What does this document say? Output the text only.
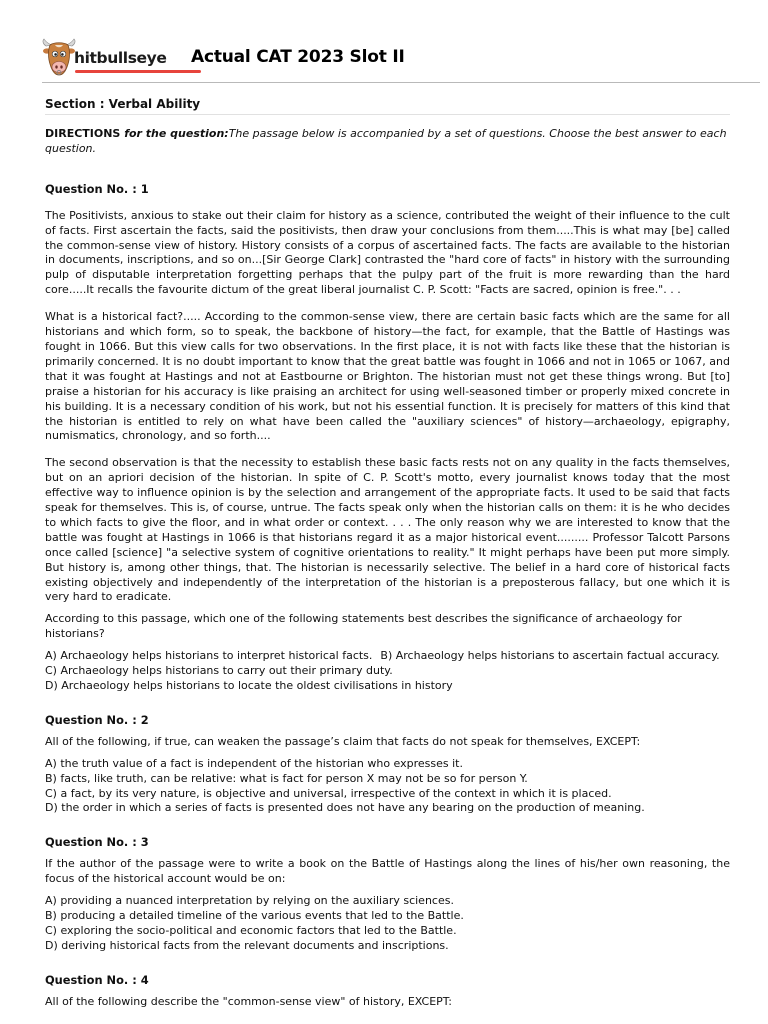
hitbullseye Actual CAT 2023 Slot II
Section : Verbal Ability
DIRECTIONS for the question:The passage below is accompanied by a set of questions. Choose the best answer to each question.
Question No. : 1

The Positivists, anxious to stake out their claim for history as a science, contributed the weight of their influence to the cult of facts. First ascertain the facts, said the positivists, then draw your conclusions from them.....This is what may [be] called the common-sense view of history. History consists of a corpus of ascertained facts. The facts are available to the historian in documents, inscriptions, and so on...[Sir George Clark] contrasted the "hard core of facts" in history with the surrounding pulp of disputable interpretation forgetting perhaps that the pulpy part of the fruit is more rewarding than the hard core.....It recalls the favourite dictum of the great liberal journalist C. P. Scott: "Facts are sacred, opinion is free.". . .

What is a historical fact?..... According to the common-sense view, there are certain basic facts which are the same for all historians and which form, so to speak, the backbone of history—the fact, for example, that the Battle of Hastings was fought in 1066. But this view calls for two observations. In the first place, it is not with facts like these that the historian is primarily concerned. It is no doubt important to know that the great battle was fought in 1066 and not in 1065 or 1067, and that it was fought at Hastings and not at Eastbourne or Brighton. The historian must not get these things wrong. But [to] praise a historian for his accuracy is like praising an architect for using well-seasoned timber or properly mixed concrete in his building. It is a necessary condition of his work, but not his essential function. It is precisely for matters of this kind that the historian is entitled to rely on what have been called the "auxiliary sciences" of history—archaeology, epigraphy, numismatics, chronology, and so forth....

The second observation is that the necessity to establish these basic facts rests not on any quality in the facts themselves, but on an apriori decision of the historian. In spite of C. P. Scott's motto, every journalist knows today that the most effective way to influence opinion is by the selection and arrangement of the appropriate facts. It used to be said that facts speak for themselves. This is, of course, untrue. The facts speak only when the historian calls on them: it is he who decides to which facts to give the floor, and in what order or context. . . . The only reason why we are interested to know that the battle was fought at Hastings in 1066 is that historians regard it as a major historical event......... Professor Talcott Parsons once called [science] "a selective system of cognitive orientations to reality." It might perhaps have been put more simply. But history is, among other things, that. The historian is necessarily selective. The belief in a hard core of historical facts existing objectively and independently of the interpretation of the historian is a preposterous fallacy, but one which it is very hard to eradicate.

According to this passage, which one of the following statements best describes the significance of archaeology for historians?

A) Archaeology helps historians to interpret historical facts. B) Archaeology helps historians to ascertain factual accuracy.
C) Archaeology helps historians to carry out their primary duty.
D) Archaeology helps historians to locate the oldest civilisations in history
Question No. : 2

All of the following, if true, can weaken the passage’s claim that facts do not speak for themselves, EXCEPT:

A) the truth value of a fact is independent of the historian who expresses it.
B) facts, like truth, can be relative: what is fact for person X may not be so for person Y.
C) a fact, by its very nature, is objective and universal, irrespective of the context in which it is placed.
D) the order in which a series of facts is presented does not have any bearing on the production of meaning.
Question No. : 3

If the author of the passage were to write a book on the Battle of Hastings along the lines of his/her own reasoning, the focus of the historical account would be on:

A) providing a nuanced interpretation by relying on the auxiliary sciences.
B) producing a detailed timeline of the various events that led to the Battle.
C) exploring the socio-political and economic factors that led to the Battle.
D) deriving historical facts from the relevant documents and inscriptions.
Question No. : 4

All of the following describe the "common-sense view" of history, EXCEPT:
